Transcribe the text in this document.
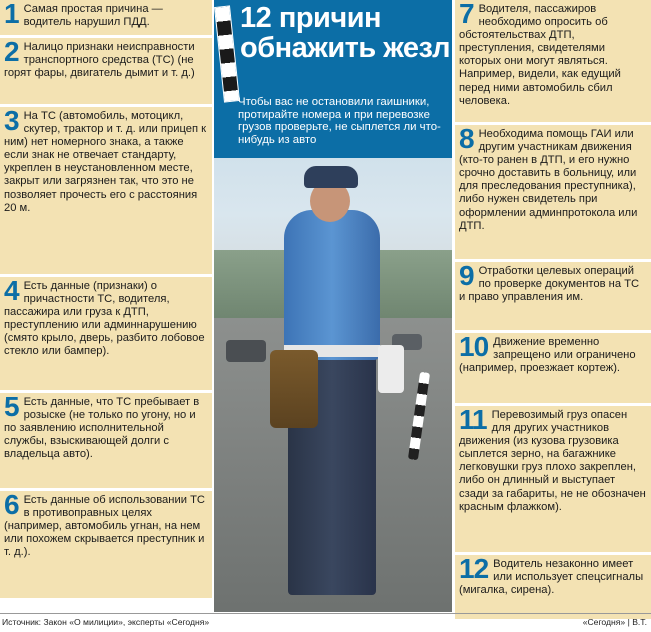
12 причин обнажить жезл
Чтобы вас не остановили гаишники, протирайте номера и при перевозке грузов проверьте, не сыплется ли что-нибудь из авто
1 Самая простая причина — водитель нарушил ПДД.
2 Налицо признаки неисправности транспортного средства (ТС) (не горят фары, двигатель дымит и т. д.)
3 На ТС (автомобиль, мотоцикл, скутер, трактор и т. д. или прицеп к ним) нет номерного знака, а также если знак не отвечает стандарту, укреплен в неустановленном месте, закрыт или загрязнен так, что это не позволяет прочесть его с расстояния 20 м.
4 Есть данные (признаки) о причастности ТС, водителя, пассажира или груза к ДТП, преступлению или админнарушению (смято крыло, дверь, разбито лобовое стекло или бампер).
5 Есть данные, что ТС пребывает в розыске (не только по угону, но и по заявлению исполнительной службы, взыскивающей долги с владельца авто).
6 Есть данные об использовании ТС в противоправных целях (например, автомобиль угнан, на нем или похожем скрывается преступник и т. д.).
7 Водителя, пассажиров необходимо опросить об обстоятельствах ДТП, преступления, свидетелями которых они могут являться. Например, видели, как едущий перед ними автомобиль сбил человека.
8 Необходима помощь ГАИ или другим участникам движения (кто-то ранен в ДТП, и его нужно срочно доставить в больницу, или для преследования преступника), либо нужен свидетель при оформлении админпротокола или ДТП.
9 Отработки целевых операций по проверке документов на ТС и право управления им.
10 Движение временно запрещено или ограничено (например, проезжает кортеж).
11 Перевозимый груз опасен для других участников движения (из кузова грузовика сыплется зерно, на багажнике легковушки груз плохо закреплен, либо он длинный и выступает сзади за габариты, не не обозначен красным флажком).
12 Водитель незаконно имеет или использует спецсигналы (мигалка, сирена).
Источник: Закон «О милиции», эксперты «Сегодня»	«Сегодня» | В.Т.
